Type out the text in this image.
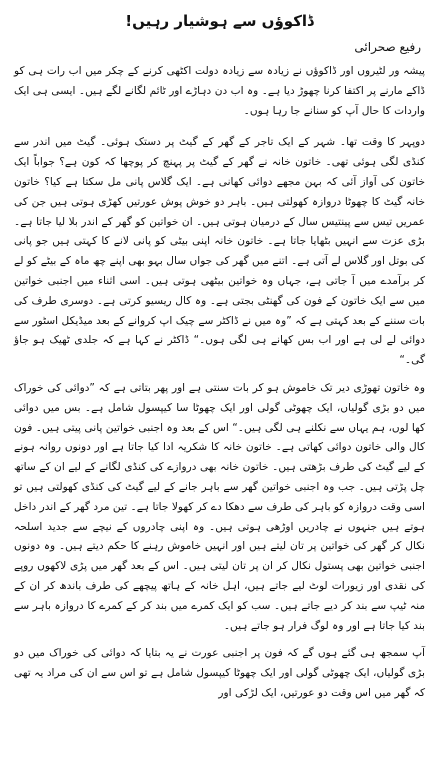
ڈاکوؤں سے ہوشیار رہیں!
رفیع صحرائی

پیشہ ور لٹیروں اور ڈاکوؤں نے زیادہ سے زیادہ دولت اکٹھی کرنے کے چکر میں اب رات ہی کو ڈاکے مارنے پر اکتفا کرنا چھوڑ دیا ہے۔ وہ اب دن دہاڑے اور ٹائم لگانے لگے ہیں۔ ایسی ہی ایک واردات کا حال آپ کو سنانے جا رہا ہوں۔

دوپہر کا وقت تھا۔ شہر کے ایک تاجر کے گھر کے گیٹ پر دستک ہوئی۔ گیٹ میں اندر سے کنڈی لگی ہوئی تھی۔ خاتون خانہ نے گھر کے گیٹ پر پہنچ کر پوچھا کہ کون ہے؟ جواباً ایک خاتون کی آواز آئی کہ بہن مجھے دوائی کھانی ہے۔ ایک گلاس پانی مل سکتا ہے کیا؟ خاتون خانہ گیٹ کا چھوٹا دروازہ کھولتی ہیں۔ باہر دو خوش پوش عورتیں کھڑی ہوتی ہیں جن کی عمریں تیس سے پینتیس سال کے درمیان ہوتی ہیں۔ ان خواتین کو گھر کے اندر بلا لیا جاتا ہے۔ بڑی عزت سے انہیں بٹھایا جاتا ہے۔ خاتون خانہ اپنی بیٹی کو پانی لانے کا کہتی ہیں جو پانی کی بوتل اور گلاس لے آتی ہے۔ اتنے میں گھر کی جواں سال بہو بھی اپنے چھ ماہ کے بیٹے کو لے کر برآمدے میں آ جاتی ہے، جہاں وہ خواتین بیٹھی ہوتی ہیں۔ اسی اثناء میں اجنبی خواتین میں سے ایک خاتون کے فون کی گھنٹی بجتی ہے۔ وہ کال ریسیو کرتی ہے۔ دوسری طرف کی بات سننے کے بعد کہتی ہے کہ ”وہ میں نے ڈاکٹر سے چیک اپ کروانے کے بعد میڈیکل اسٹور سے دوائی لے لی ہے اور اب بس کھانے ہی لگی ہوں۔“ ڈاکٹر نے کہا ہے کہ جلدی ٹھیک ہو جاؤ گی۔“

وہ خاتون تھوڑی دیر تک خاموش ہو کر بات سنتی ہے اور پھر بتاتی ہے کہ ”دوائی کی خوراک میں دو بڑی گولیاں، ایک چھوٹی گولی اور ایک چھوٹا سا کیپسول شامل ہے۔ بس میں دوائی کھا لوں، ہم یہاں سے نکلنے ہی لگی ہیں۔“ اس کے بعد وہ اجنبی خواتین پانی پیتی ہیں۔ فون کال والی خاتون دوائی کھاتی ہے۔ خاتون خانہ کا شکریہ ادا کیا جاتا ہے اور دونوں روانہ ہونے کے لیے گیٹ کی طرف بڑھتی ہیں۔ خاتون خانہ بھی دروازے کی کنڈی لگانے کے لیے ان کے ساتھ چل پڑتی ہیں۔ جب وہ اجنبی خواتین گھر سے باہر جانے کے لیے گیٹ کی کنڈی کھولتی ہیں تو اسی وقت دروازہ کو باہر کی طرف سے دھکا دے کر کھولا جاتا ہے۔ تین مرد گھر کے اندر داخل ہوتے ہیں جنہوں نے چادریں اوڑھی ہوتی ہیں۔ وہ اپنی چادروں کے نیچے سے جدید اسلحہ نکال کر گھر کی خواتین پر تان لیتے ہیں اور انہیں خاموش رہنے کا حکم دیتے ہیں۔ وہ دونوں اجنبی خواتین بھی پستول نکال کر ان پر تان لیتی ہیں۔ اس کے بعد گھر میں پڑی لاکھوں روپے کی نقدی اور زیورات لوٹ لیے جاتے ہیں، اہل خانہ کے ہاتھ پیچھے کی طرف باندھ کر ان کے منہ ٹیپ سے بند کر دیے جاتے ہیں۔ سب کو ایک کمرے میں بند کر کے کمرے کا دروازہ باہر سے بند کیا جاتا ہے اور وہ لوگ فرار ہو جاتے ہیں۔

آپ سمجھ ہی گئے ہوں گے کہ فون پر اجنبی عورت نے یہ بتایا کہ دوائی کی خوراک میں دو بڑی گولیاں، ایک چھوٹی گولی اور ایک چھوٹا کیپسول شامل ہے تو اس سے ان کی مراد یہ تھی کہ گھر میں اس وقت دو عورتیں، ایک لڑکی اور
